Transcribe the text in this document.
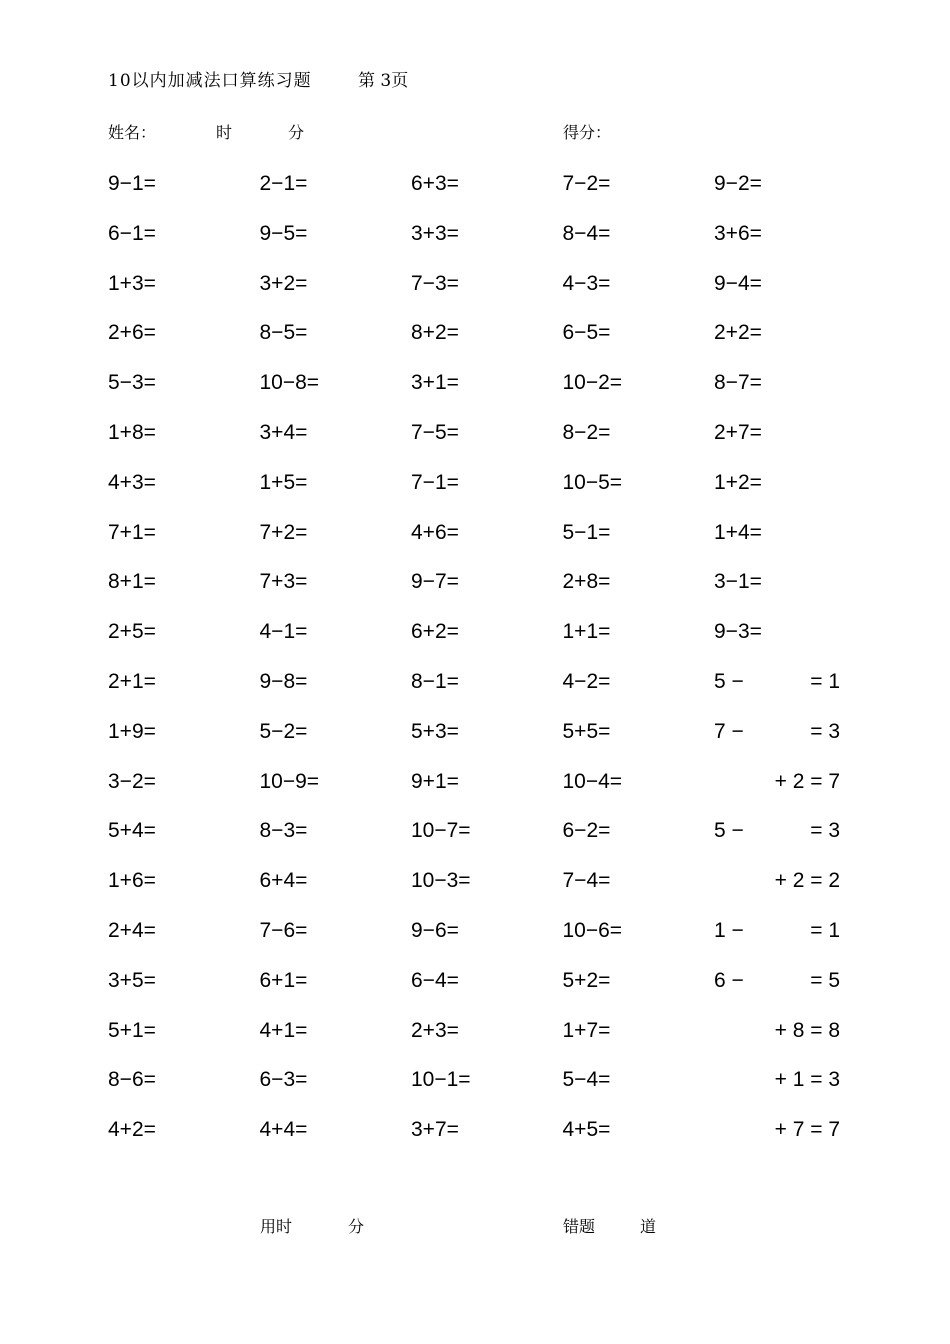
10以内加减法口算练习题	第 3页
姓名：	时	分	得分：
9−1=	2−1=	6+3=	7−2=	9−2=
6−1=	9−5=	3+3=	8−4=	3+6=
1+3=	3+2=	7−3=	4−3=	9−4=
2+6=	8−5=	8+2=	6−5=	2+2=
5−3=	10−8=	3+1=	10−2=	8−7=
1+8=	3+4=	7−5=	8−2=	2+7=
4+3=	1+5=	7−1=	10−5=	1+2=
7+1=	7+2=	4+6=	5−1=	1+4=
8+1=	7+3=	9−7=	2+8=	3−1=
2+5=	4−1=	6+2=	1+1=	9−3=
2+1=	9−8=	8−1=	4−2=	5 −	= 1
1+9=	5−2=	5+3=	5+5=	7 −	= 3
3−2=	10−9=	9+1=	10−4=	+ 2 = 7
5+4=	8−3=	10−7=	6−2=	5 −	= 3
1+6=	6+4=	10−3=	7−4=	+ 2 = 2
2+4=	7−6=	9−6=	10−6=	1 −	= 1
3+5=	6+1=	6−4=	5+2=	6 −	= 5
5+1=	4+1=	2+3=	1+7=	+ 8 = 8
8−6=	6−3=	10−1=	5−4=	+ 1 = 3
4+2=	4+4=	3+7=	4+5=	+ 7 = 7
用时	分	错题	道
